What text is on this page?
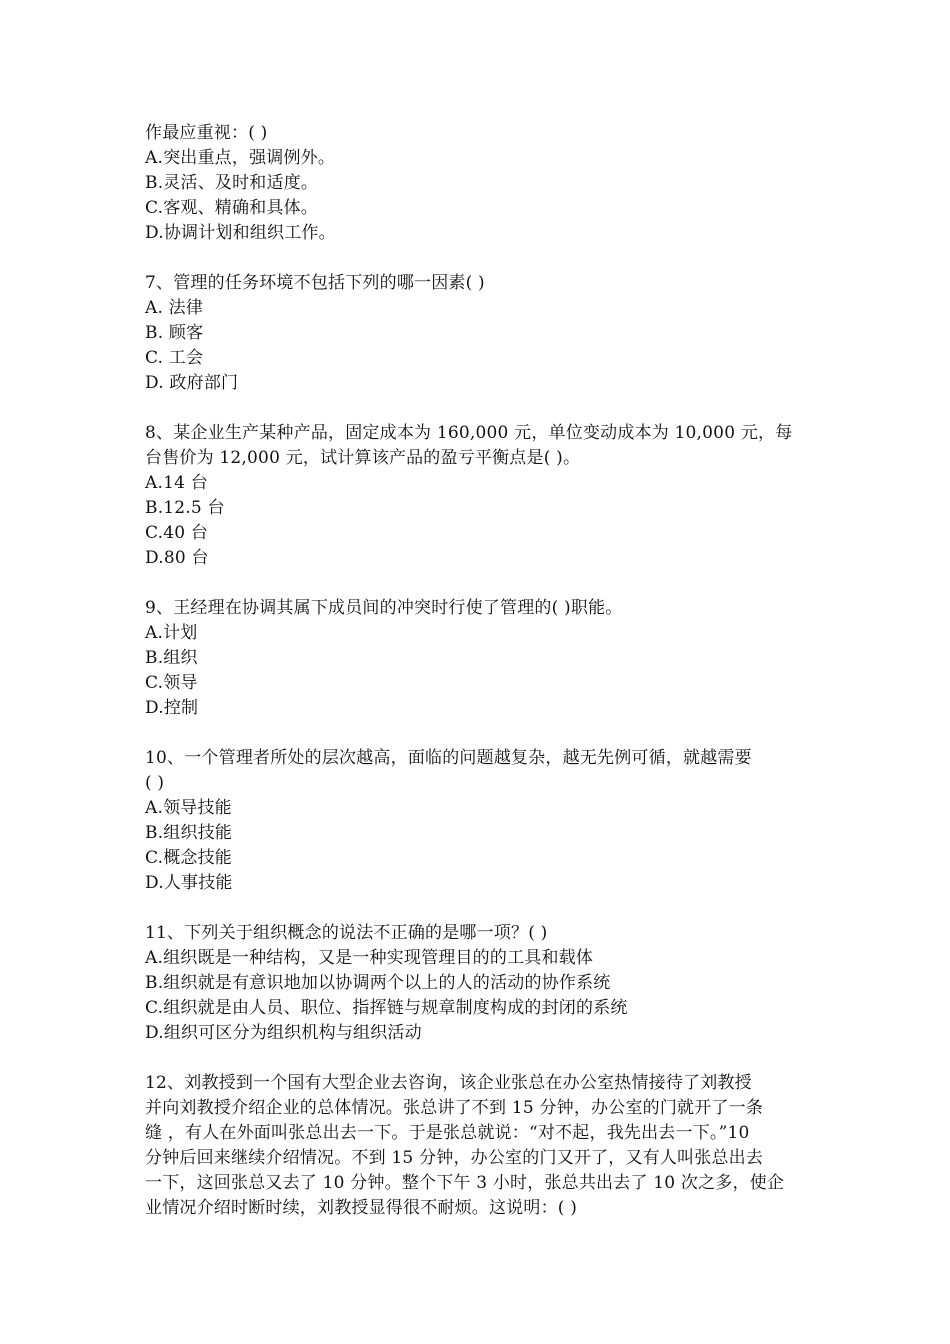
作最应重视：( )
A.突出重点，强调例外。
B.灵活、及时和适度。
C.客观、精确和具体。
D.协调计划和组织工作。
7、管理的任务环境不包括下列的哪一因素( )
A. 法律
B. 顾客
C. 工会
D. 政府部门
8、某企业生产某种产品，固定成本为 160,000 元，单位变动成本为 10,000 元，每
台售价为 12,000 元，试计算该产品的盈亏平衡点是( )。
A.14 台
B.12.5 台
C.40 台
D.80 台
9、王经理在协调其属下成员间的冲突时行使了管理的( )职能。
A.计划
B.组织
C.领导
D.控制
10、一个管理者所处的层次越高，面临的问题越复杂，越无先例可循，就越需要
( )
A.领导技能
B.组织技能
C.概念技能
D.人事技能
11、下列关于组织概念的说法不正确的是哪一项？( )
A.组织既是一种结构，又是一种实现管理目的的工具和载体
B.组织就是有意识地加以协调两个以上的人的活动的协作系统
C.组织就是由人员、职位、指挥链与规章制度构成的封闭的系统
D.组织可区分为组织机构与组织活动
12、刘教授到一个国有大型企业去咨询，该企业张总在办公室热情接待了刘教授
并向刘教授介绍企业的总体情况。张总讲了不到 15 分钟，办公室的门就开了一条
缝 ，有人在外面叫张总出去一下。于是张总就说：“对不起，我先出去一下。”10
分钟后回来继续介绍情况。不到 15 分钟，办公室的门又开了，又有人叫张总出去
一下，这回张总又去了 10 分钟。整个下午 3 小时，张总共出去了 10 次之多，使企
业情况介绍时断时续，刘教授显得很不耐烦。这说明：( )
